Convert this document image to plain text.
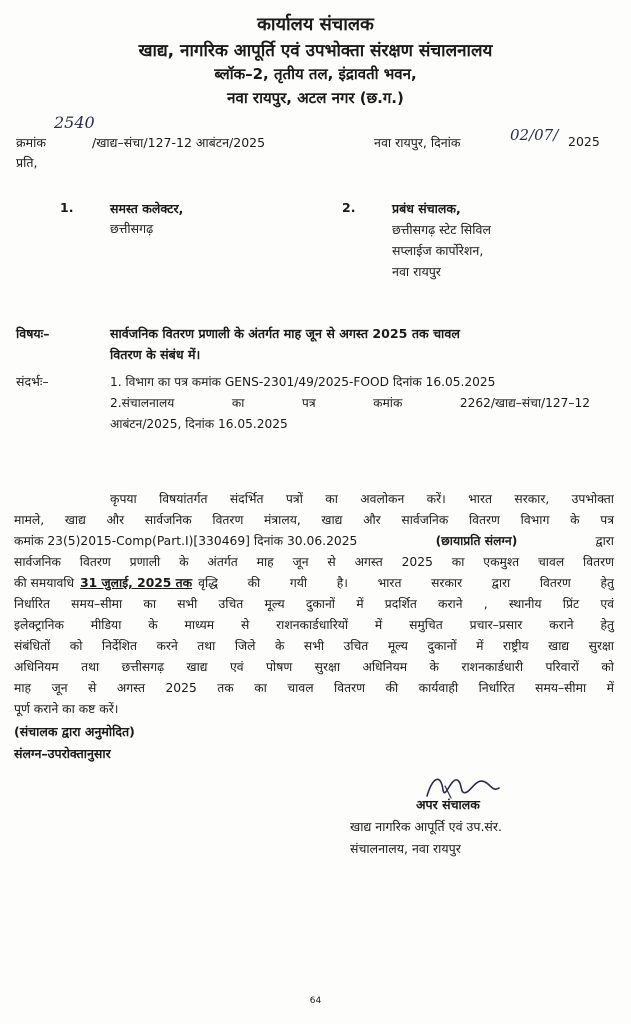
कार्यालय संचालक
खाद्य, नागरिक आपूर्ति एवं उपभोक्ता संरक्षण संचालनालय
ब्लॉक–2, तृतीय तल, इंद्रावती भवन,
नवा रायपुर, अटल नगर (छ.ग.)
क्रमांक
2540
/खाद्य–संचा/127-12 आबंटन/2025	नवा रायपुर, दिनांक	02/07/ 2025
प्रति,
1.	समस्त कलेक्टर,
छत्तीसगढ़
2.	प्रबंध संचालक,
छत्तीसगढ़ स्टेट सिविल
सप्लाईज कार्पोरेशन,
नवा रायपुर
विषयः–	सार्वजनिक वितरण प्रणाली के अंतर्गत माह जून से अगस्त 2025 तक चावल
वितरण के संबंध में।
संदर्भः–	1. विभाग का पत्र कमांक GENS-2301/49/2025-FOOD दिनांक 16.05.2025
2.संचालनालय का पत्र कमांक 2262/खाद्य–संचा/127–12
आबंटन/2025, दिनांक 16.05.2025
कृपया विषयांतर्गत संदर्भित पत्रों का अवलोकन करें। भारत सरकार, उपभोक्ता
मामले, खाद्य और सार्वजनिक वितरण मंत्रालय, खाद्य और सार्वजनिक वितरण विभाग के पत्र
कमांक 23(5)2015-Comp(Part.I)[330469] दिनांक 30.06.2025	(छायाप्रति संलग्न)	द्वारा
सार्वजनिक वितरण प्रणाली के अंतर्गत माह जून से अगस्त 2025 का एकमुश्त चावल वितरण
की समयावधि 31 जुलाई, 2025 तक वृद्धि की गयी है। भारत सरकार द्वारा वितरण हेतु
निर्धारित समय–सीमा का सभी उचित मूल्य दुकानों में प्रदर्शित कराने , स्थानीय प्रिंट एवं
इलेक्ट्रानिक मीडिया के माध्यम से राशनकार्डधारियों में समुचित प्रचार–प्रसार कराने हेतु
संबंधितों को निर्देशित करने तथा जिले के सभी उचित मूल्य दुकानों में राष्ट्रीय खाद्य सुरक्षा
अधिनियम तथा छत्तीसगढ़ खाद्य एवं पोषण सुरक्षा अधिनियम के राशनकार्डधारी परिवारों को
माह जून से अगस्त 2025 तक का चावल वितरण की कार्यवाही निर्धारित समय–सीमा में
पूर्ण कराने का कष्ट करें।
(संचालक द्वारा अनुमोदित)
संलग्न–उपरोक्तानुसार
अपर संचालक
खाद्य नागरिक आपूर्ति एवं उप.संर.
संचालनालय, नवा रायपुर
64
